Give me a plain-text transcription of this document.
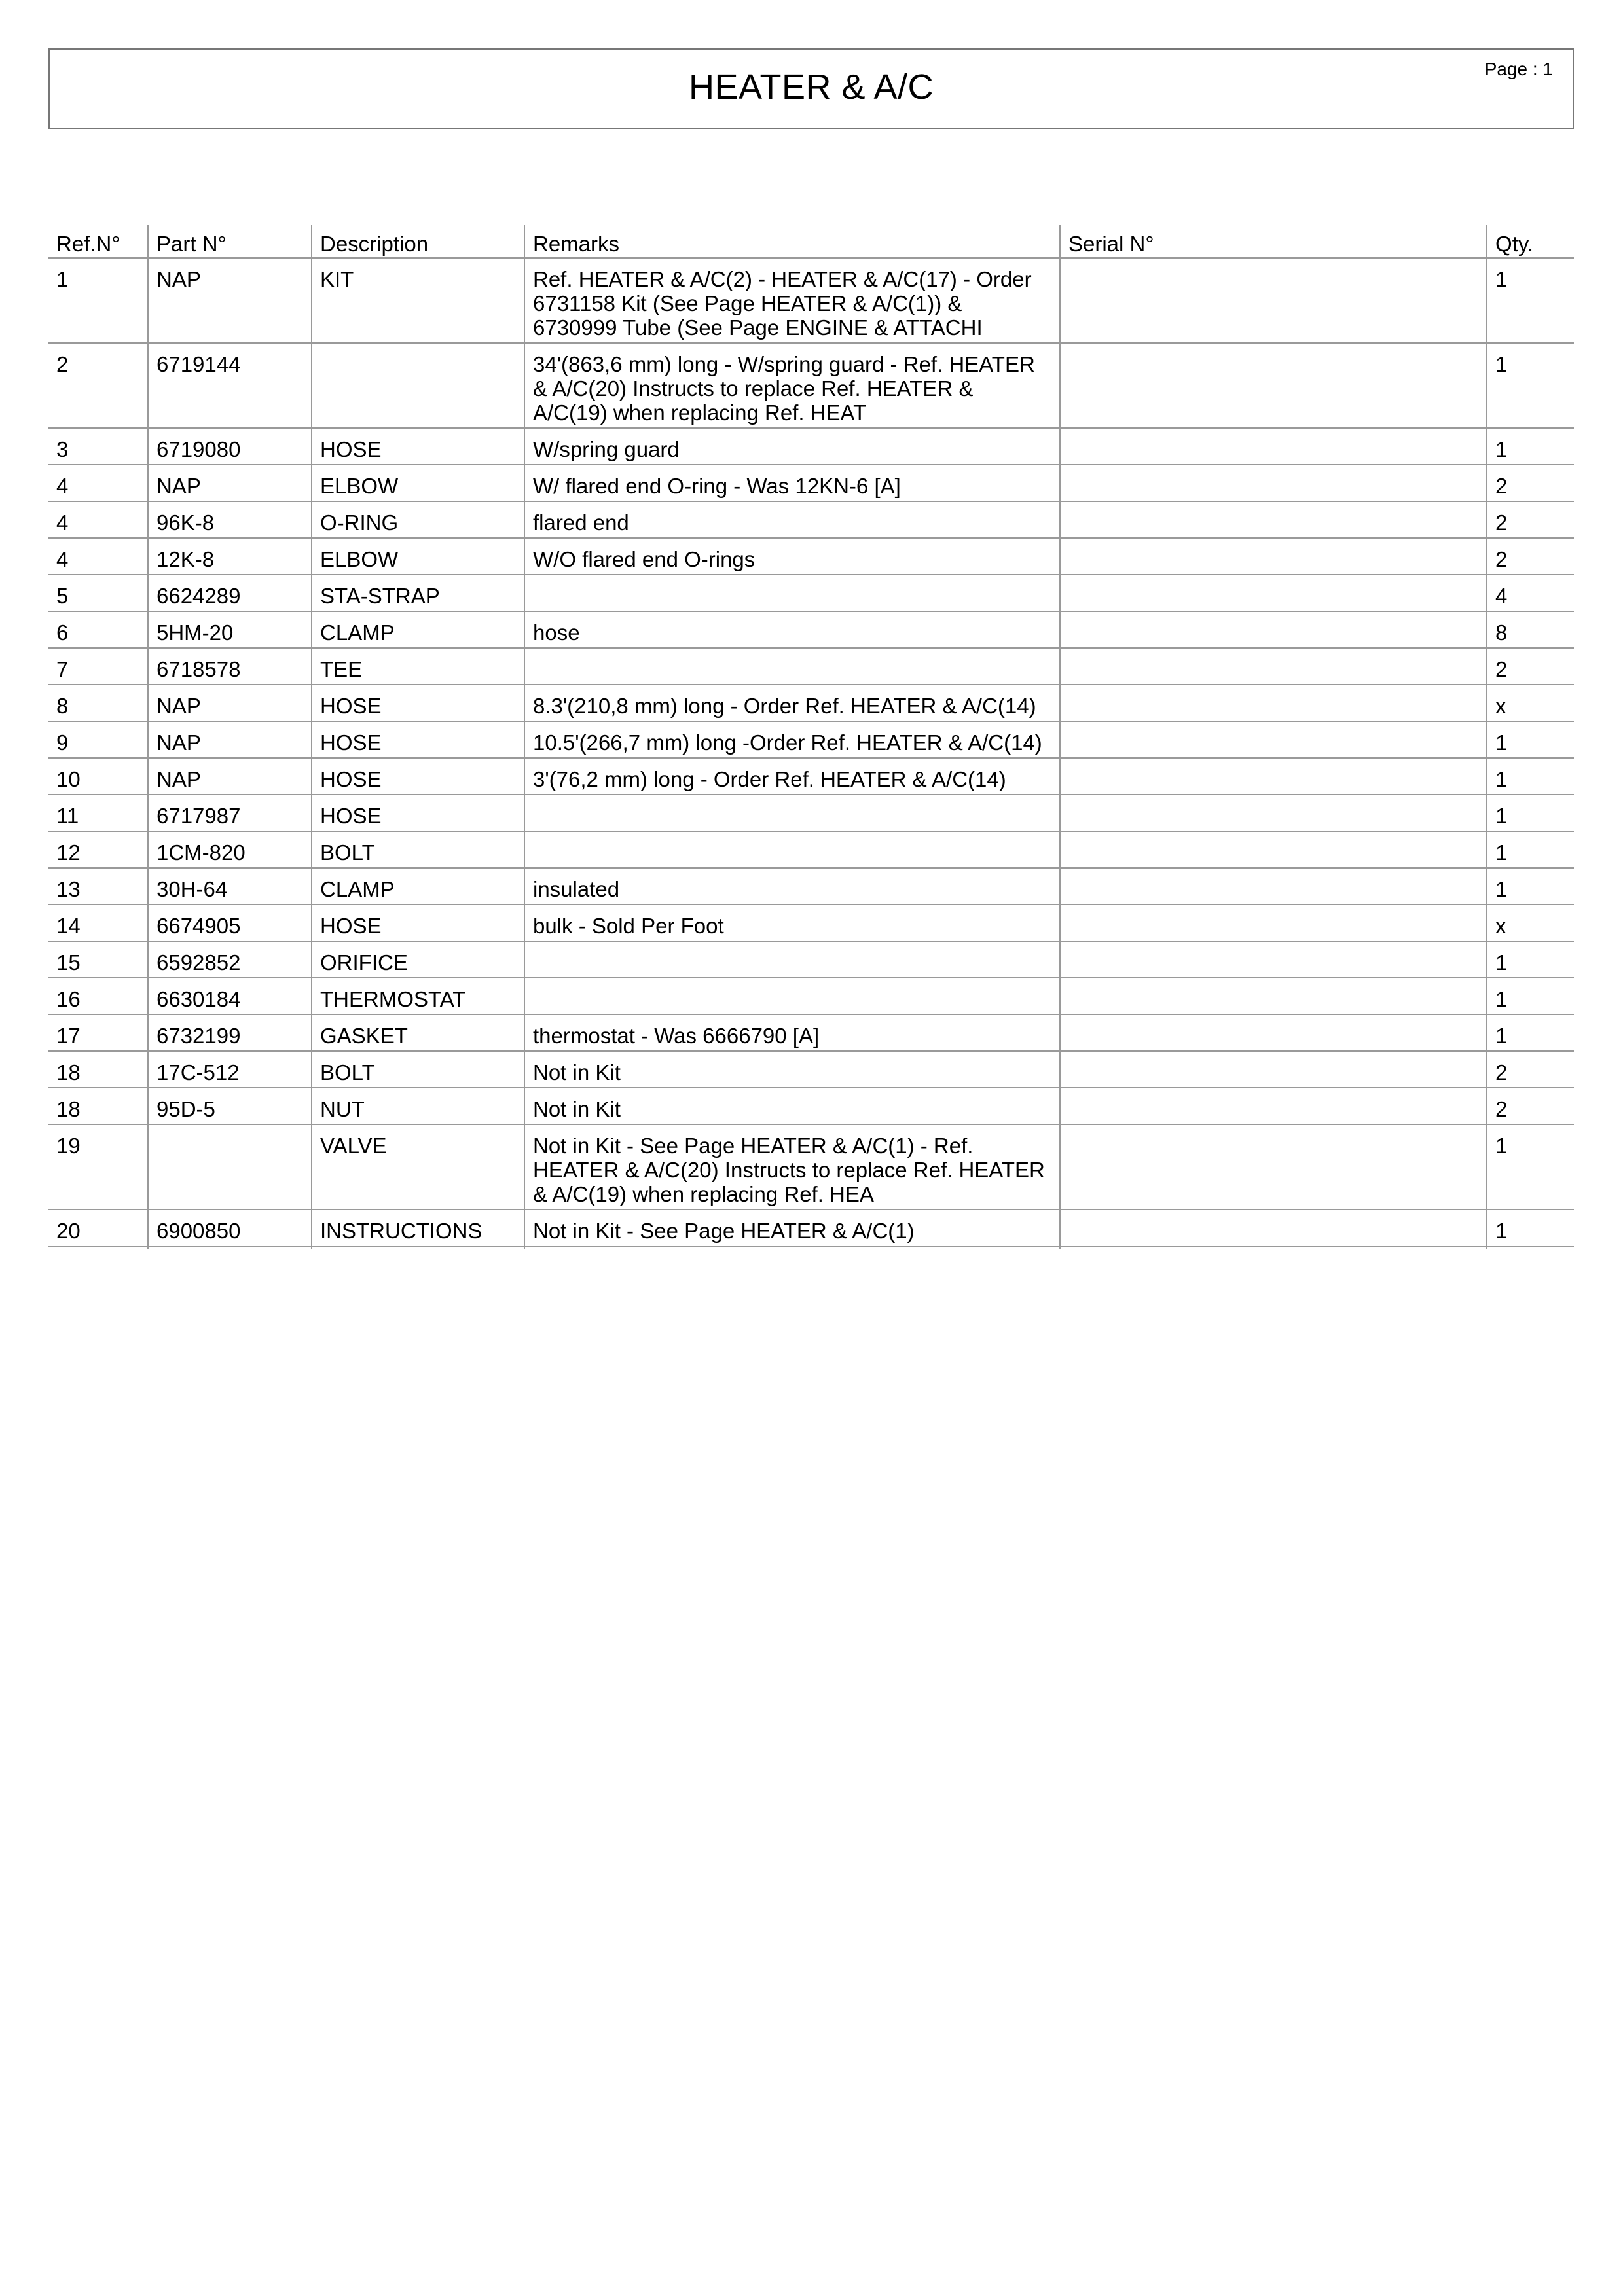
Page : 1
HEATER & A/C
Ref.N°	Part N°	Description	Remarks	Serial N°	Qty.
1	NAP	KIT	Ref. HEATER & A/C(2) - HEATER & A/C(17) - Order 6731158 Kit (See Page HEATER & A/C(1)) & 6730999 Tube (See Page ENGINE & ATTACHI		1
2	6719144		34'(863,6 mm) long - W/spring guard - Ref. HEATER & A/C(20) Instructs to replace Ref. HEATER & A/C(19) when replacing Ref. HEAT		1
3	6719080	HOSE	W/spring guard		1
4	NAP	ELBOW	W/ flared end O-ring - Was 12KN-6 [A]		2
4	96K-8	O-RING	flared end		2
4	12K-8	ELBOW	W/O flared end O-rings		2
5	6624289	STA-STRAP			4
6	5HM-20	CLAMP	hose		8
7	6718578	TEE			2
8	NAP	HOSE	8.3'(210,8 mm) long - Order Ref. HEATER & A/C(14)		x
9	NAP	HOSE	10.5'(266,7 mm) long -Order Ref. HEATER & A/C(14)		1
10	NAP	HOSE	3'(76,2 mm) long - Order Ref. HEATER & A/C(14)		1
11	6717987	HOSE			1
12	1CM-820	BOLT			1
13	30H-64	CLAMP	insulated		1
14	6674905	HOSE	bulk - Sold Per Foot		x
15	6592852	ORIFICE			1
16	6630184	THERMOSTAT			1
17	6732199	GASKET	thermostat - Was 6666790 [A]		1
18	17C-512	BOLT	Not in Kit		2
18	95D-5	NUT	Not in Kit		2
19		VALVE	Not in Kit - See Page HEATER & A/C(1) - Ref. HEATER & A/C(20) Instructs to replace Ref. HEATER & A/C(19) when replacing Ref. HEA		1
20	6900850	INSTRUCTIONS	Not in Kit - See Page HEATER & A/C(1)		1
